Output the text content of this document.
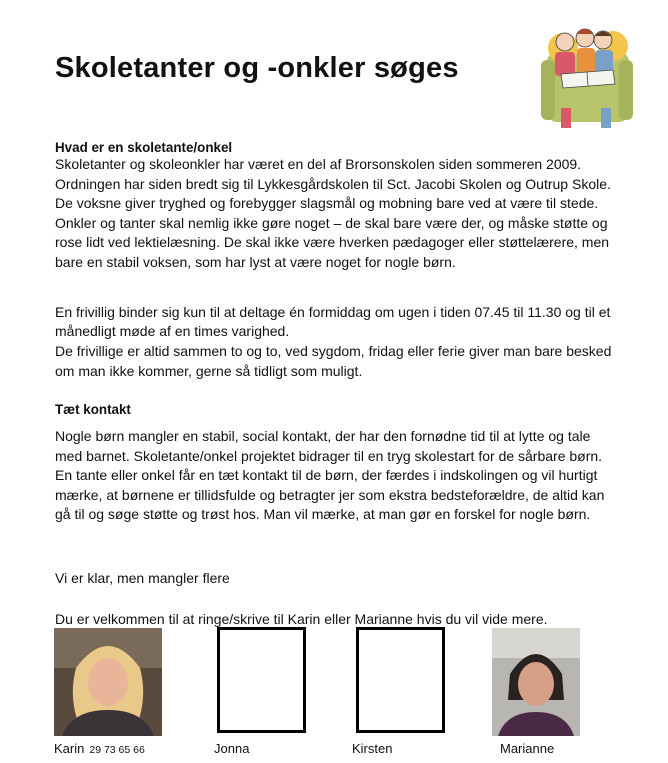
Skoletanter og -onkler søges
Hvad er en skoletante/onkel
Skoletanter og skoleonkler har været en del af Brorsonskolen siden sommeren 2009.
Ordningen har siden bredt sig til Lykkesgårdskolen til Sct. Jacobi Skolen og Outrup Skole.
De voksne giver tryghed og forebygger slagsmål og mobning bare ved at være til stede.
Onkler og tanter skal nemlig ikke gøre noget – de skal bare være der, og måske støtte og
rose lidt ved lektielæsning. De skal ikke være hverken pædagoger eller støttelærere, men
bare en stabil voksen, som har lyst at være noget for nogle børn.
En frivillig binder sig kun til at deltage én formiddag om ugen i tiden 07.45 til 11.30 og til et
månedligt møde af en times varighed.
De frivillige er altid sammen to og to, ved sygdom, fridag eller ferie giver man bare besked
om man ikke kommer, gerne så tidligt som muligt.
Tæt kontakt
Nogle børn mangler en stabil, social kontakt, der har den fornødne tid til at lytte og tale
med barnet. Skoletante/onkel projektet bidrager til en tryg skolestart for de sårbare børn.
En tante eller onkel får en tæt kontakt til de børn, der færdes i indskolingen og vil hurtigt
mærke, at børnene er tillidsfulde og betragter jer som ekstra bedsteforældre, de altid kan
gå til og søge støtte og trøst hos. Man vil mærke, at man gør en forskel for nogle børn.
Vi er klar, men mangler flere
Du er velkommen til at ringe/skrive til Karin eller Marianne hvis du vil vide mere.
Karin 29 73 65 66	Jonna	Kirsten	Marianne
